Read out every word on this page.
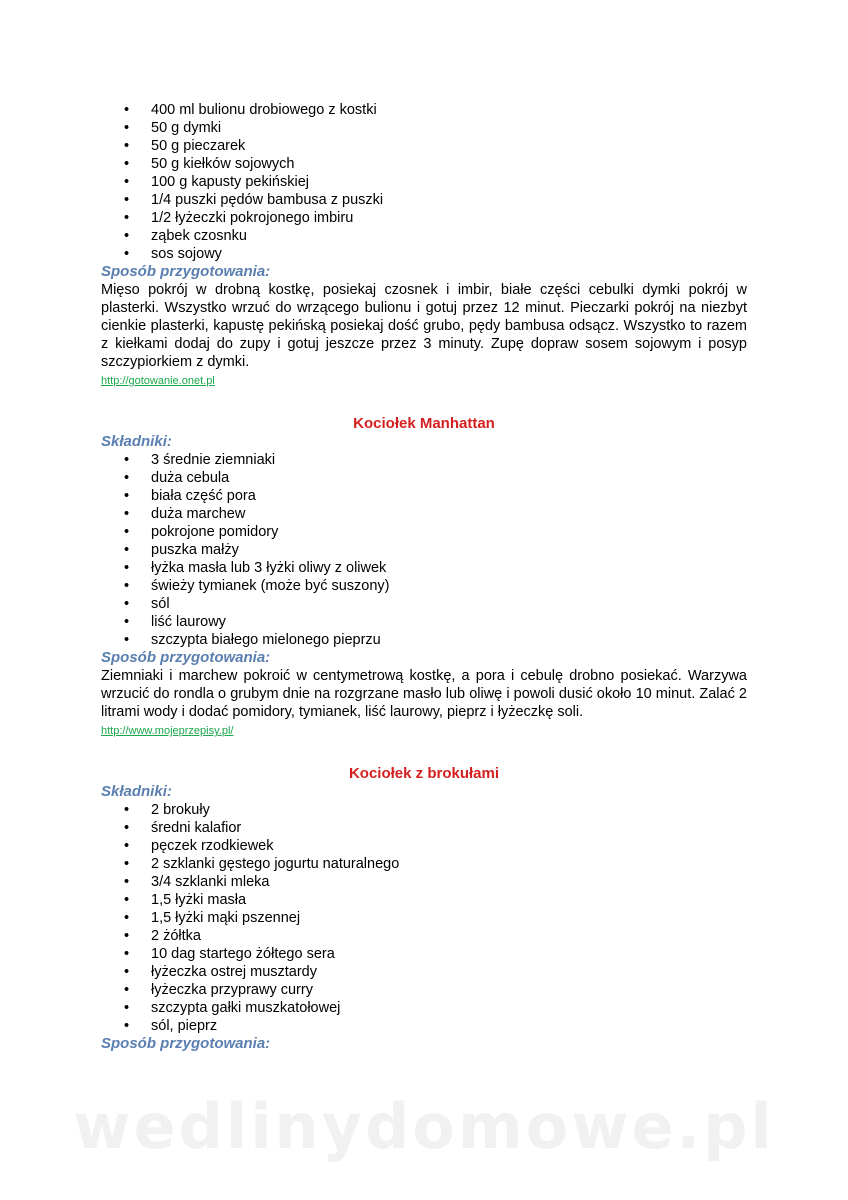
• 400 ml bulionu drobiowego z kostki
• 50 g dymki
• 50 g pieczarek
• 50 g kiełków sojowych
• 100 g kapusty pekińskiej
• 1/4 puszki pędów bambusa z puszki
• 1/2 łyżeczki pokrojonego imbiru
• ząbek czosnku
• sos sojowy
Sposób przygotowania:

Mięso pokrój w drobną kostkę, posiekaj czosnek i imbir, białe części cebulki dymki pokrój w plasterki. Wszystko wrzuć do wrzącego bulionu i gotuj przez 12 minut. Pieczarki pokrój na niezbyt cienkie plasterki, kapustę pekińską posiekaj dość grubo, pędy bambusa odsącz. Wszystko to razem z kiełkami dodaj do zupy i gotuj jeszcze przez 3 minuty. Zupę dopraw sosem sojowym i posyp szczypiorkiem z dymki.

http://gotowanie.onet.pl
Kociołek Manhattan
Składniki:
• 3 średnie ziemniaki
• duża cebula
• biała część pora
• duża marchew
• pokrojone pomidory
• puszka małży
• łyżka masła lub 3 łyżki oliwy z oliwek
• świeży tymianek (może być suszony)
• sól
• liść laurowy
• szczypta białego mielonego pieprzu
Sposób przygotowania:

Ziemniaki i marchew pokroić w centymetrową kostkę, a pora i cebulę drobno posiekać. Warzywa wrzucić do rondla o grubym dnie na rozgrzane masło lub oliwę i powoli dusić około 10 minut. Zalać 2 litrami wody i dodać pomidory, tymianek, liść laurowy, pieprz i łyżeczkę soli.

http://www.mojeprzepisy.pl/
Kociołek z brokułami
Składniki:
• 2 brokuły
• średni kalafior
• pęczek rzodkiewek
• 2 szklanki gęstego jogurtu naturalnego
• 3/4 szklanki mleka
• 1,5 łyżki masła
• 1,5 łyżki mąki pszennej
• 2 żółtka
• 10 dag startego żółtego sera
• łyżeczka ostrej musztardy
• łyżeczka przyprawy curry
• szczypta gałki muszkatołowej
• sól, pieprz
Sposób przygotowania:
wedlinydomowe.pl
